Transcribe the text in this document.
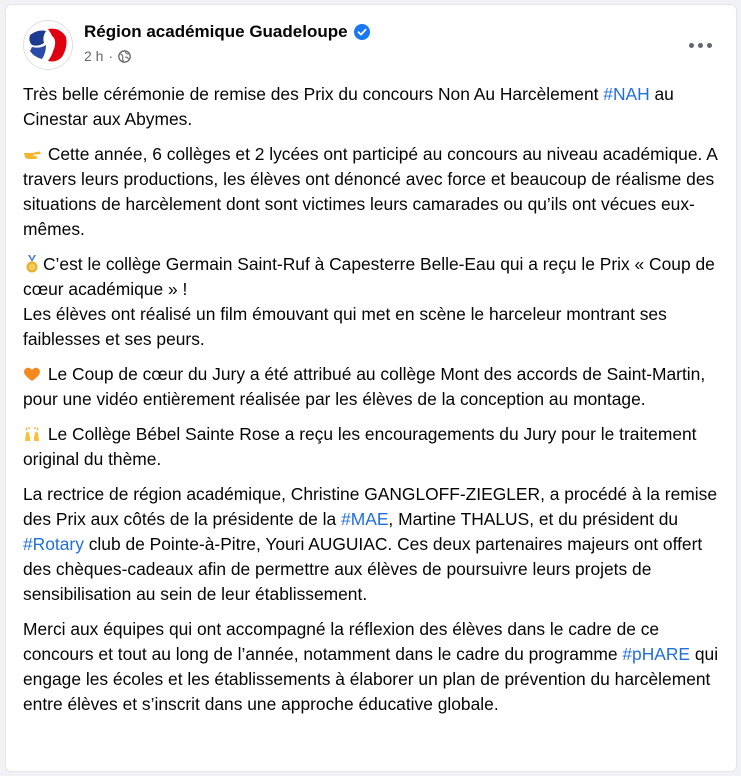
Région académique Guadeloupe
2 h ·

Très belle cérémonie de remise des Prix du concours Non Au Harcèlement #NAH au Cinestar aux Abymes.

Cette année, 6 collèges et 2 lycées ont participé au concours au niveau académique. A travers leurs productions, les élèves ont dénoncé avec force et beaucoup de réalisme des situations de harcèlement dont sont victimes leurs camarades ou qu’ils ont vécues eux-mêmes.

C’est le collège Germain Saint-Ruf à Capesterre Belle-Eau qui a reçu le Prix « Coup de cœur académique » !
Les élèves ont réalisé un film émouvant qui met en scène le harceleur montrant ses faiblesses et ses peurs.

Le Coup de cœur du Jury a été attribué au collège Mont des accords de Saint-Martin, pour une vidéo entièrement réalisée par les élèves de la conception au montage.

Le Collège Bébel Sainte Rose a reçu les encouragements du Jury pour le traitement original du thème.

La rectrice de région académique, Christine GANGLOFF-ZIEGLER, a procédé à la remise des Prix aux côtés de la présidente de la #MAE, Martine THALUS, et du président du #Rotary club de Pointe-à-Pitre, Youri AUGUIAC. Ces deux partenaires majeurs ont offert des chèques-cadeaux afin de permettre aux élèves de poursuivre leurs projets de sensibilisation au sein de leur établissement.

Merci aux équipes qui ont accompagné la réflexion des élèves dans le cadre de ce concours et tout au long de l’année, notamment dans le cadre du programme #pHARE qui engage les écoles et les établissements à élaborer un plan de prévention du harcèlement entre élèves et s’inscrit dans une approche éducative globale.
